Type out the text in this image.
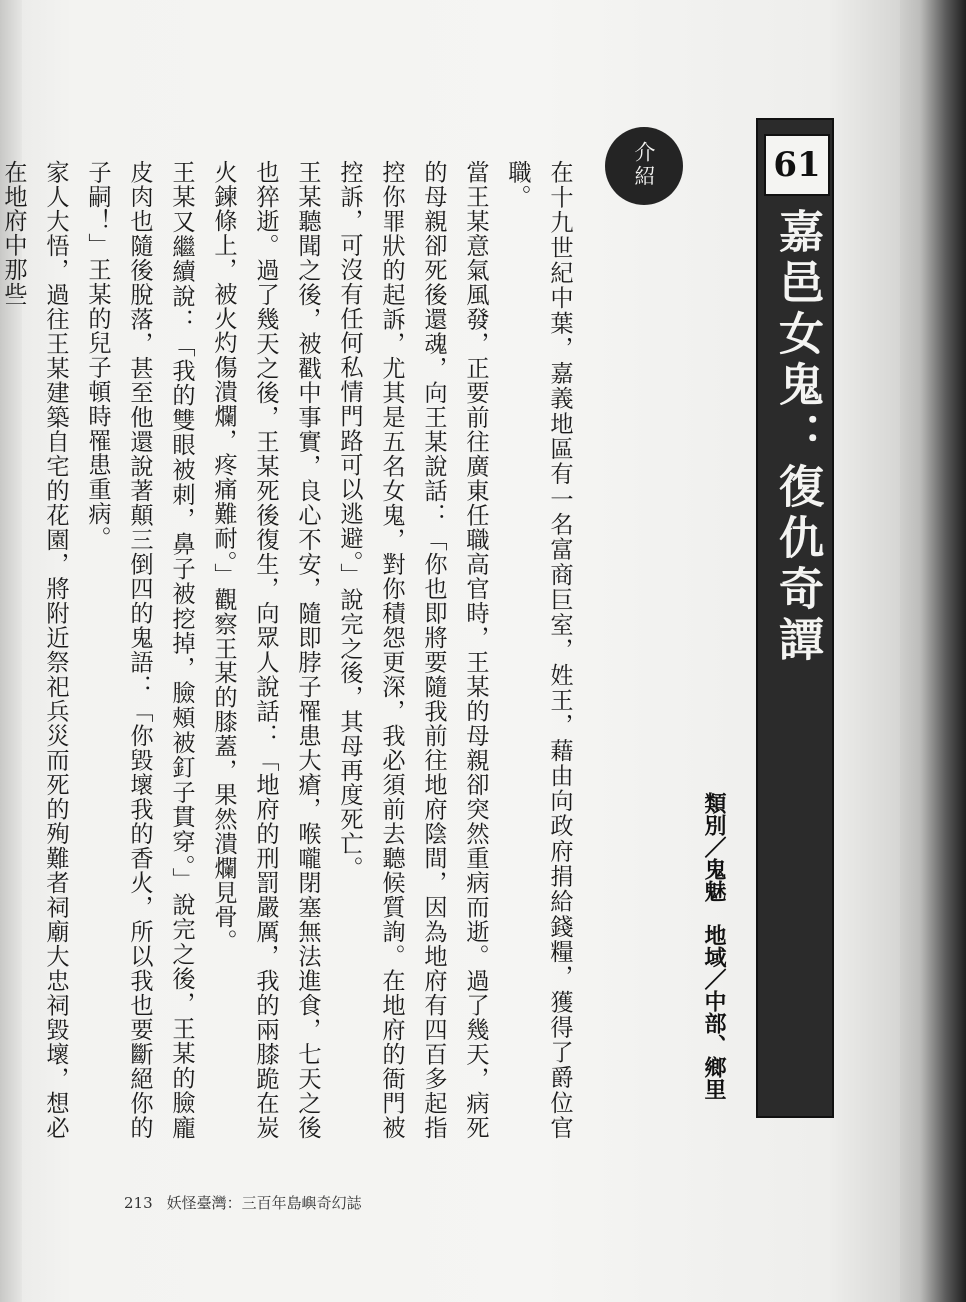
61
嘉邑女鬼：復仇奇譚
介紹
類別／鬼魅　地域／中部、鄉里

在十九世紀中葉，嘉義地區有一名富商巨室，姓王，藉由向政府捐給錢糧，獲得了爵位官職。

當王某意氣風發，正要前往廣東任職高官時，王某的母親卻突然重病而逝。過了幾天，病死的母親卻死後還魂，向王某說話：「你也即將要隨我前往地府陰間，因為地府有四百多起指控你罪狀的起訴，尤其是五名女鬼，對你積怨更深，我必須前去聽候質詢。在地府的衙門被控訴，可沒有任何私情門路可以逃避。」說完之後，其母再度死亡。

王某聽聞之後，被戳中事實，良心不安，隨即脖子罹患大瘡，喉嚨閉塞無法進食，七天之後也猝逝。過了幾天之後，王某死後復生，向眾人說話：「地府的刑罰嚴厲，我的兩膝跪在炭火鍊條上，被火灼傷潰爛，疼痛難耐。」觀察王某的膝蓋，果然潰爛見骨。

王某又繼續說：「我的雙眼被刺，鼻子被挖掉，臉頰被釘子貫穿。」說完之後，王某的臉龐皮肉也隨後脫落，甚至他還說著顛三倒四的鬼語：「你毀壞我的香火，所以我也要斷絕你的子嗣！」王某的兒子頓時罹患重病。

家人大悟，過往王某建築自宅的花園，將附近祭祀兵災而死的殉難者祠廟大忠祠毀壞，想必在地府中那些

213 妖怪臺灣：三百年島嶼奇幻誌
